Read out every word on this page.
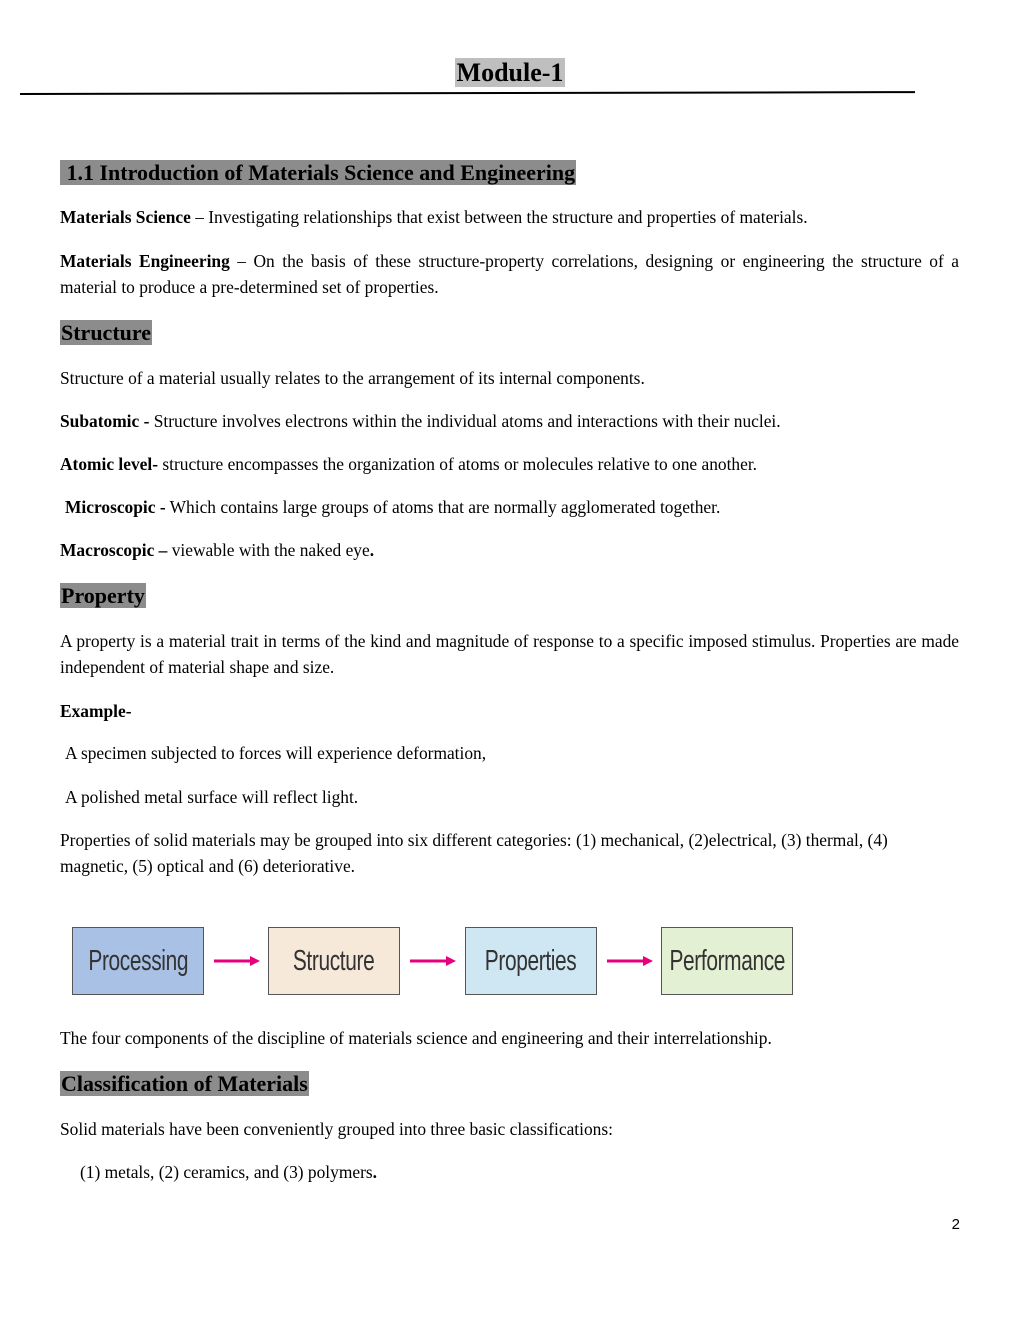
Module-1
1.1 Introduction of Materials Science and Engineering

Materials Science – Investigating relationships that exist between the structure and properties of materials.

Materials Engineering – On the basis of these structure-property correlations, designing or engineering the structure of a material to produce a pre-determined set of properties.

Structure

Structure of a material usually relates to the arrangement of its internal components.

Subatomic - Structure involves electrons within the individual atoms and interactions with their nuclei.

Atomic level- structure encompasses the organization of atoms or molecules relative to one another.

Microscopic - Which contains large groups of atoms that are normally agglomerated together.

Macroscopic – viewable with the naked eye.

Property

A property is a material trait in terms of the kind and magnitude of response to a specific imposed stimulus. Properties are made independent of material shape and size.

Example-

A specimen subjected to forces will experience deformation,

A polished metal surface will reflect light.

Properties of solid materials may be grouped into six different categories: (1) mechanical, (2)electrical, (3) thermal, (4) magnetic, (5) optical and (6) deteriorative.

Processing	Structure	Properties	Performance

The four components of the discipline of materials science and engineering and their interrelationship.

Classification of Materials

Solid materials have been conveniently grouped into three basic classifications:

(1) metals, (2) ceramics, and (3) polymers.

2
